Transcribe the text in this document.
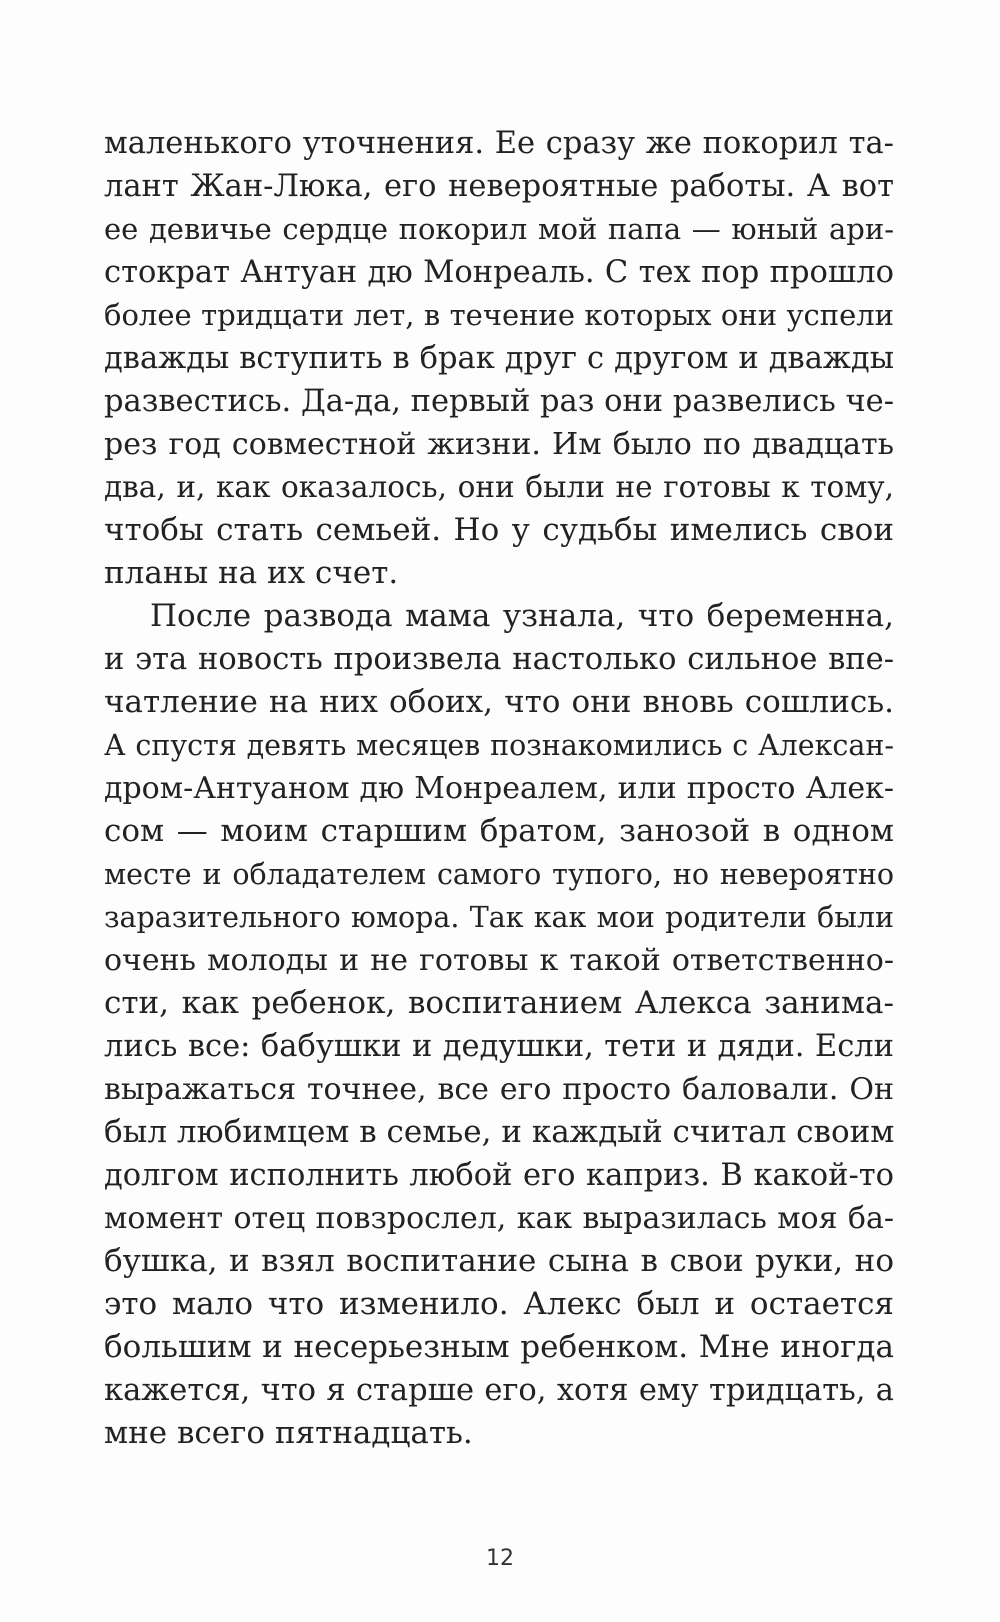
маленького уточнения. Ее сразу же покорил та-
лант Жан-Люка, его невероятные работы. А вот
ее девичье сердце покорил мой папа — юный ари-
стократ Антуан дю Монреаль. С тех пор прошло
более тридцати лет, в течение которых они успели
дважды вступить в брак друг с другом и дважды
развестись. Да-да, первый раз они развелись че-
рез год совместной жизни. Им было по двадцать
два, и, как оказалось, они были не готовы к тому,
чтобы стать семьей. Но у судьбы имелись свои
планы на их счет.
После развода мама узнала, что беременна,
и эта новость произвела настолько сильное впе-
чатление на них обоих, что они вновь сошлись.
А спустя девять месяцев познакомились с Алексан-
дром-Антуаном дю Монреалем, или просто Алек-
сом — моим старшим братом, занозой в одном
месте и обладателем самого тупого, но невероятно
заразительного юмора. Так как мои родители были
очень молоды и не готовы к такой ответственно-
сти, как ребенок, воспитанием Алекса занима-
лись все: бабушки и дедушки, тети и дяди. Если
выражаться точнее, все его просто баловали. Он
был любимцем в семье, и каждый считал своим
долгом исполнить любой его каприз. В какой-то
момент отец повзрослел, как выразилась моя ба-
бушка, и взял воспитание сына в свои руки, но
это мало что изменило. Алекс был и остается
большим и несерьезным ребенком. Мне иногда
кажется, что я старше его, хотя ему тридцать, а
мне всего пятнадцать.
12
